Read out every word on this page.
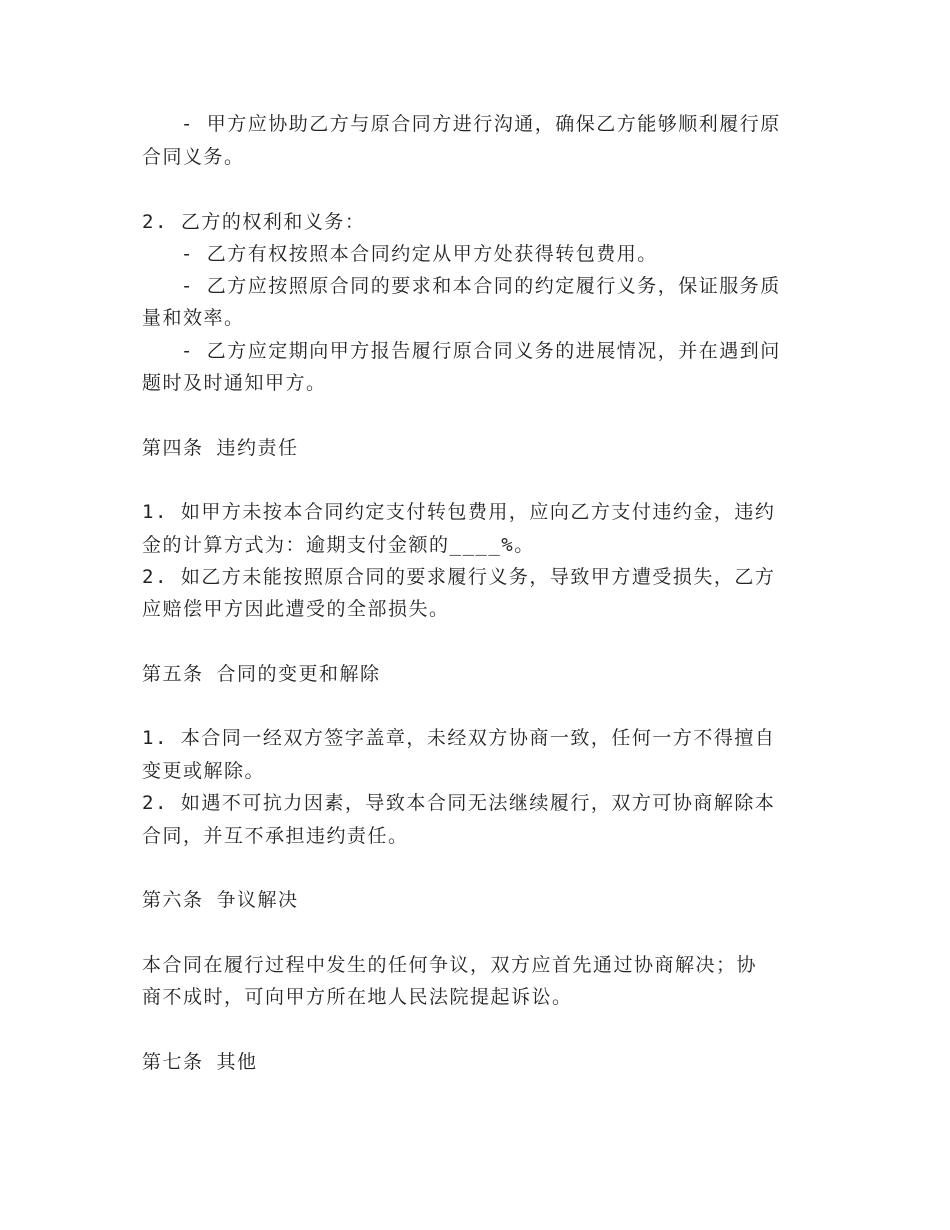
- 甲方应协助乙方与原合同方进行沟通，确保乙方能够顺利履行原
合同义务。
2. 乙方的权利和义务：
- 乙方有权按照本合同约定从甲方处获得转包费用。
- 乙方应按照原合同的要求和本合同的约定履行义务，保证服务质
量和效率。
- 乙方应定期向甲方报告履行原合同义务的进展情况，并在遇到问
题时及时通知甲方。
第四条 违约责任
1. 如甲方未按本合同约定支付转包费用，应向乙方支付违约金，违约
金的计算方式为：逾期支付金额的____%。
2. 如乙方未能按照原合同的要求履行义务，导致甲方遭受损失，乙方
应赔偿甲方因此遭受的全部损失。
第五条 合同的变更和解除
1. 本合同一经双方签字盖章，未经双方协商一致，任何一方不得擅自
变更或解除。
2. 如遇不可抗力因素，导致本合同无法继续履行，双方可协商解除本
合同，并互不承担违约责任。
第六条 争议解决
本合同在履行过程中发生的任何争议，双方应首先通过协商解决；协
商不成时，可向甲方所在地人民法院提起诉讼。
第七条 其他
